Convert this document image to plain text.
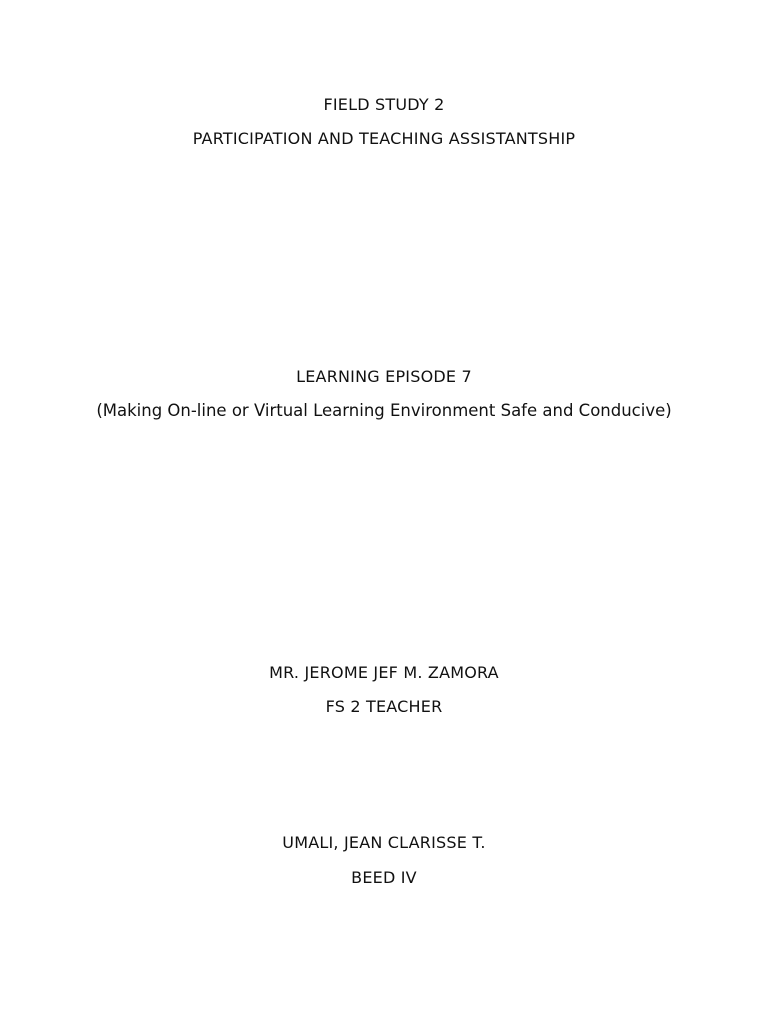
FIELD STUDY 2
PARTICIPATION AND TEACHING ASSISTANTSHIP
LEARNING EPISODE 7
(Making On-line or Virtual Learning Environment Safe and Conducive)
MR. JEROME JEF M. ZAMORA
FS 2 TEACHER
UMALI, JEAN CLARISSE T.
BEED IV
